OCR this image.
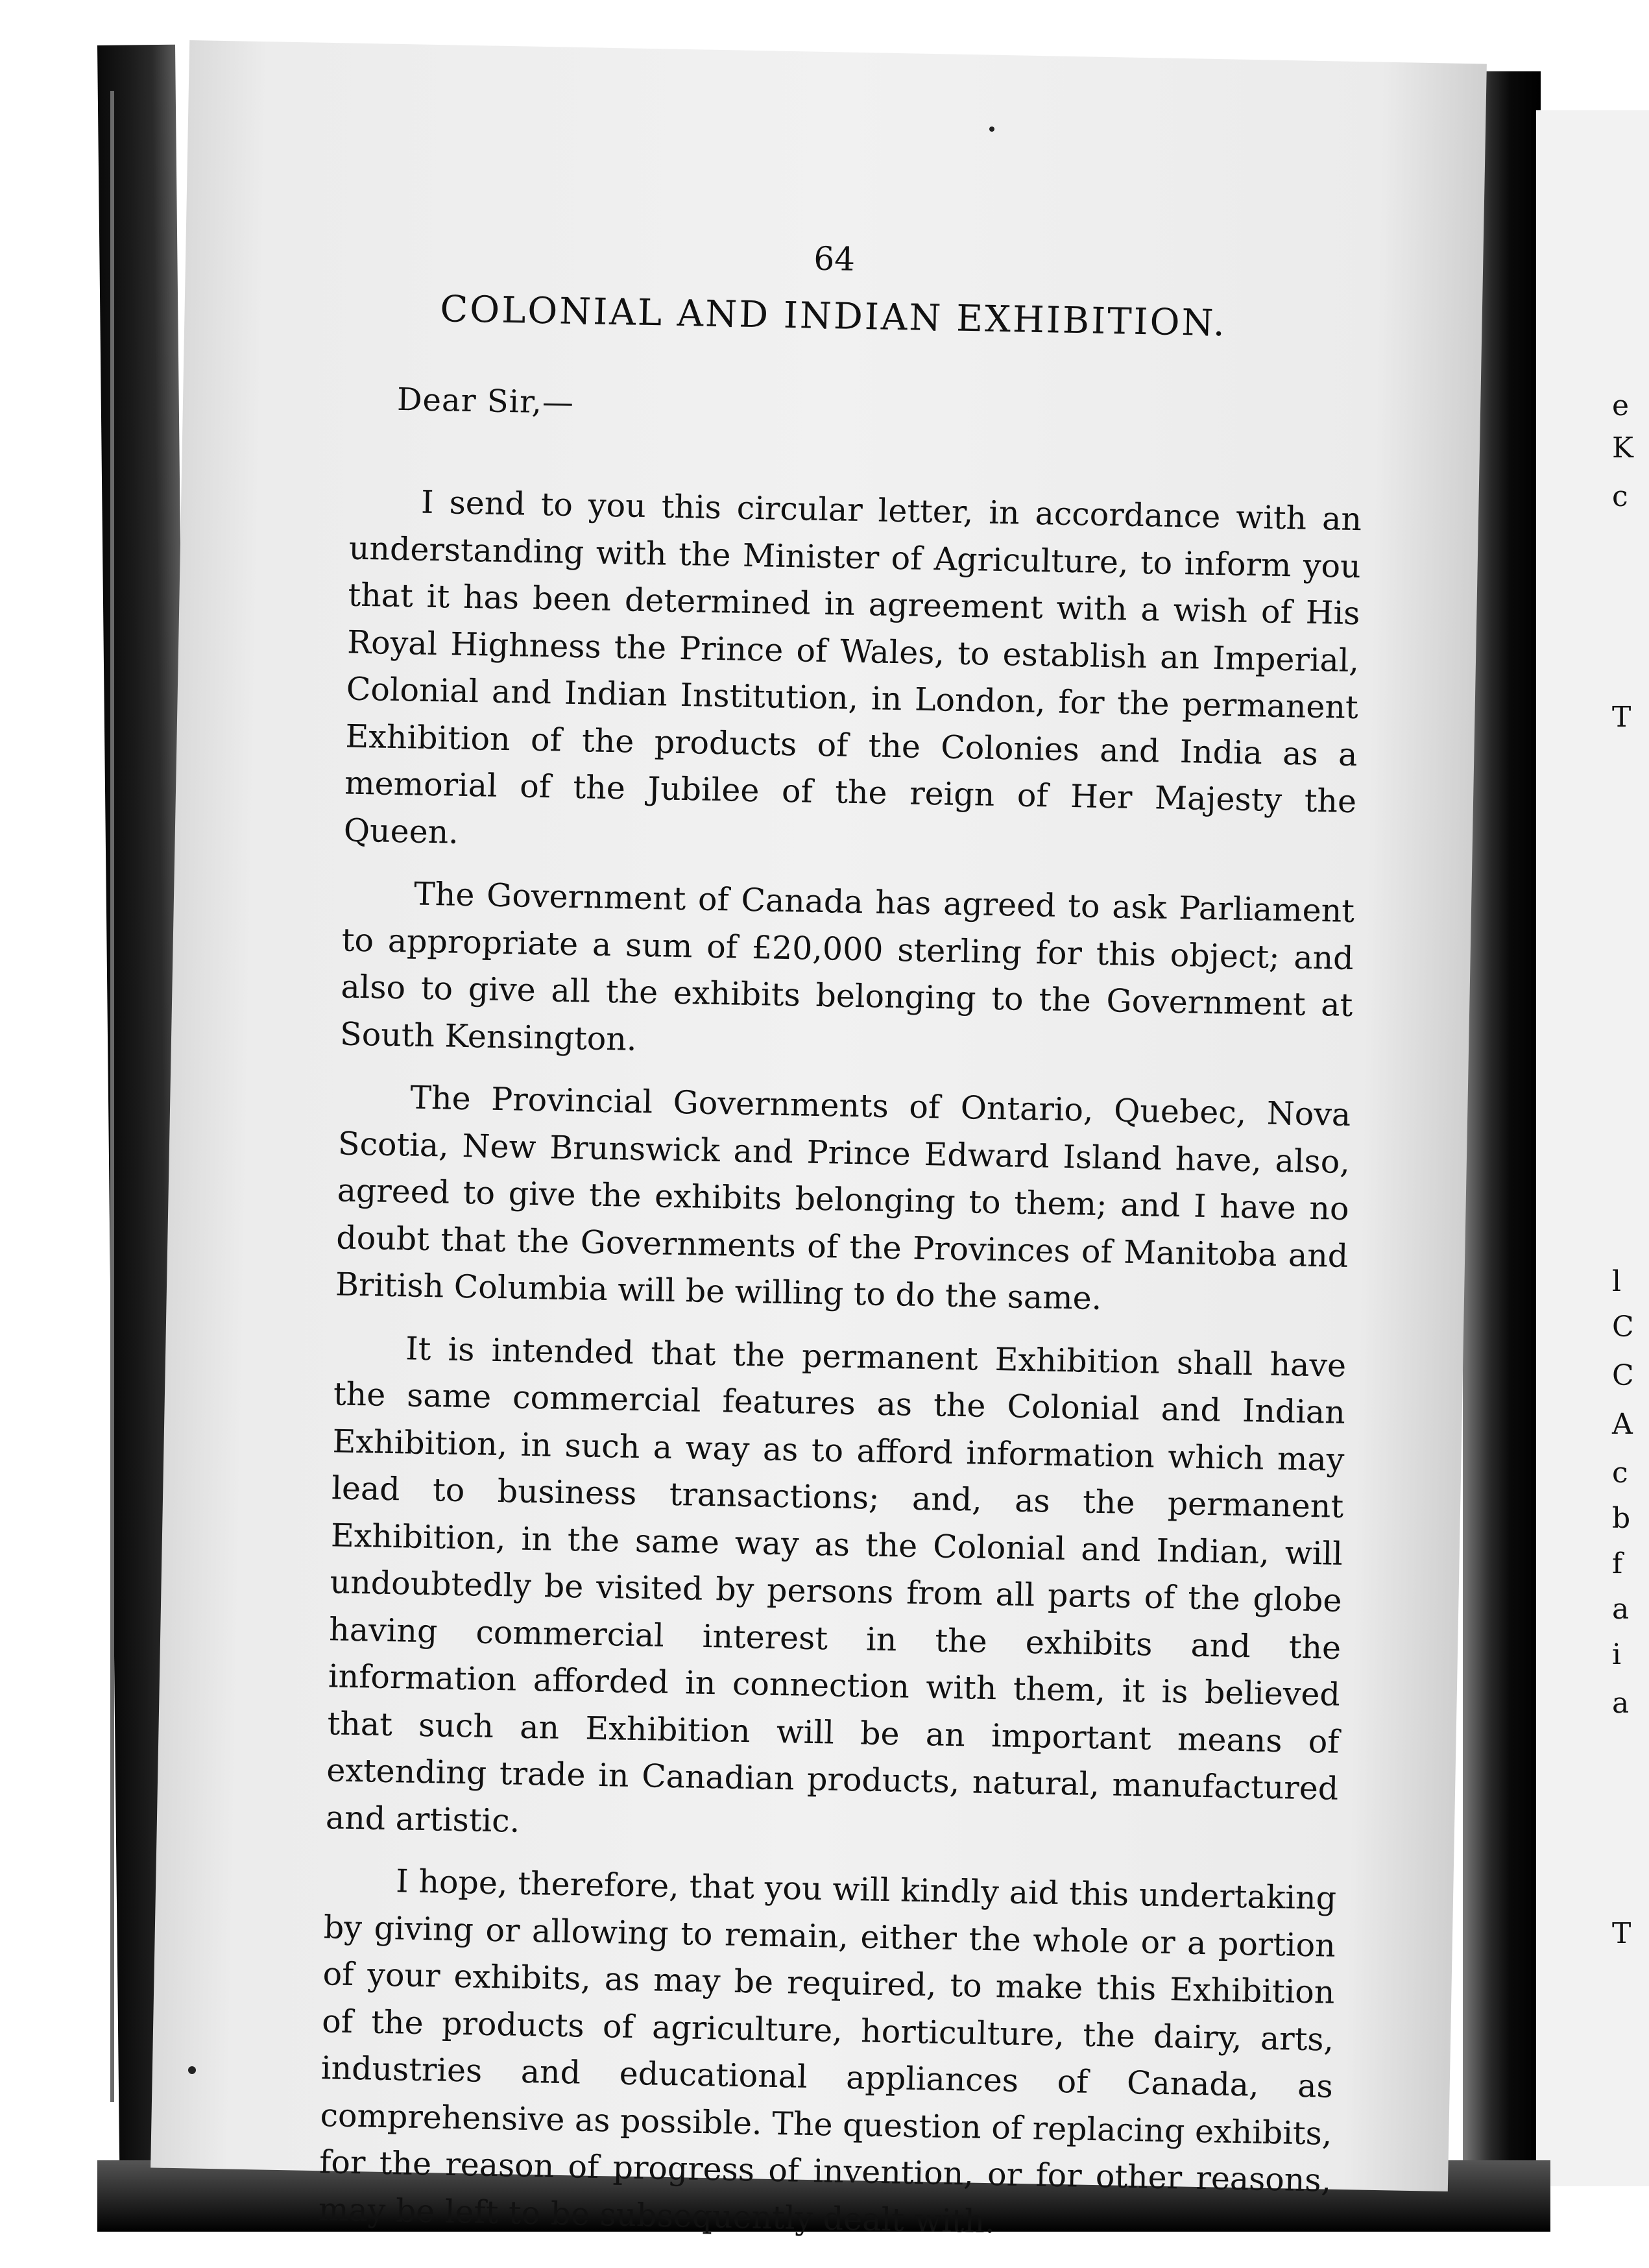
64
COLONIAL AND INDIAN EXHIBITION.
Dear Sir,—

I send to you this circular letter, in accordance with an understanding with the Minister of Agriculture, to inform you that it has been determined in agreement with a wish of His Royal Highness the Prince of Wales, to establish an Imperial, Colonial and Indian Institution, in London, for the permanent Exhibition of the products of the Colonies and India as a memorial of the Jubilee of the reign of Her Majesty the Queen.

The Government of Canada has agreed to ask Parliament to appropriate a sum of £20,000 sterling for this object; and also to give all the exhibits belonging to the Government at South Kensington.

The Provincial Governments of Ontario, Quebec, Nova Scotia, New Brunswick and Prince Edward Island have, also, agreed to give the exhibits belonging to them; and I have no doubt that the Governments of the Provinces of Manitoba and British Columbia will be willing to do the same.

It is intended that the permanent Exhibition shall have the same commercial features as the Colonial and Indian Exhibition, in such a way as to afford information which may lead to business transactions; and, as the permanent Exhibition, in the same way as the Colonial and Indian, will undoubtedly be visited by persons from all parts of the globe having commercial interest in the exhibits and the information afforded in connection with them, it is believed that such an Exhibition will be an important means of extending trade in Canadian products, natural, manufactured and artistic.

I hope, therefore, that you will kindly aid this undertaking by giving or allowing to remain, either the whole or a portion of your exhibits, as may be required, to make this Exhibition of the products of agriculture, horticulture, the dairy, arts, industries and educational appliances of Canada, as comprehensive as possible. The question of replacing exhibits, for the reason of progress of invention, or for other reasons, may be left to be subsequently dealt with.

e
K
c
T
l
C
C
A
c
b
f
a
i
a
T
